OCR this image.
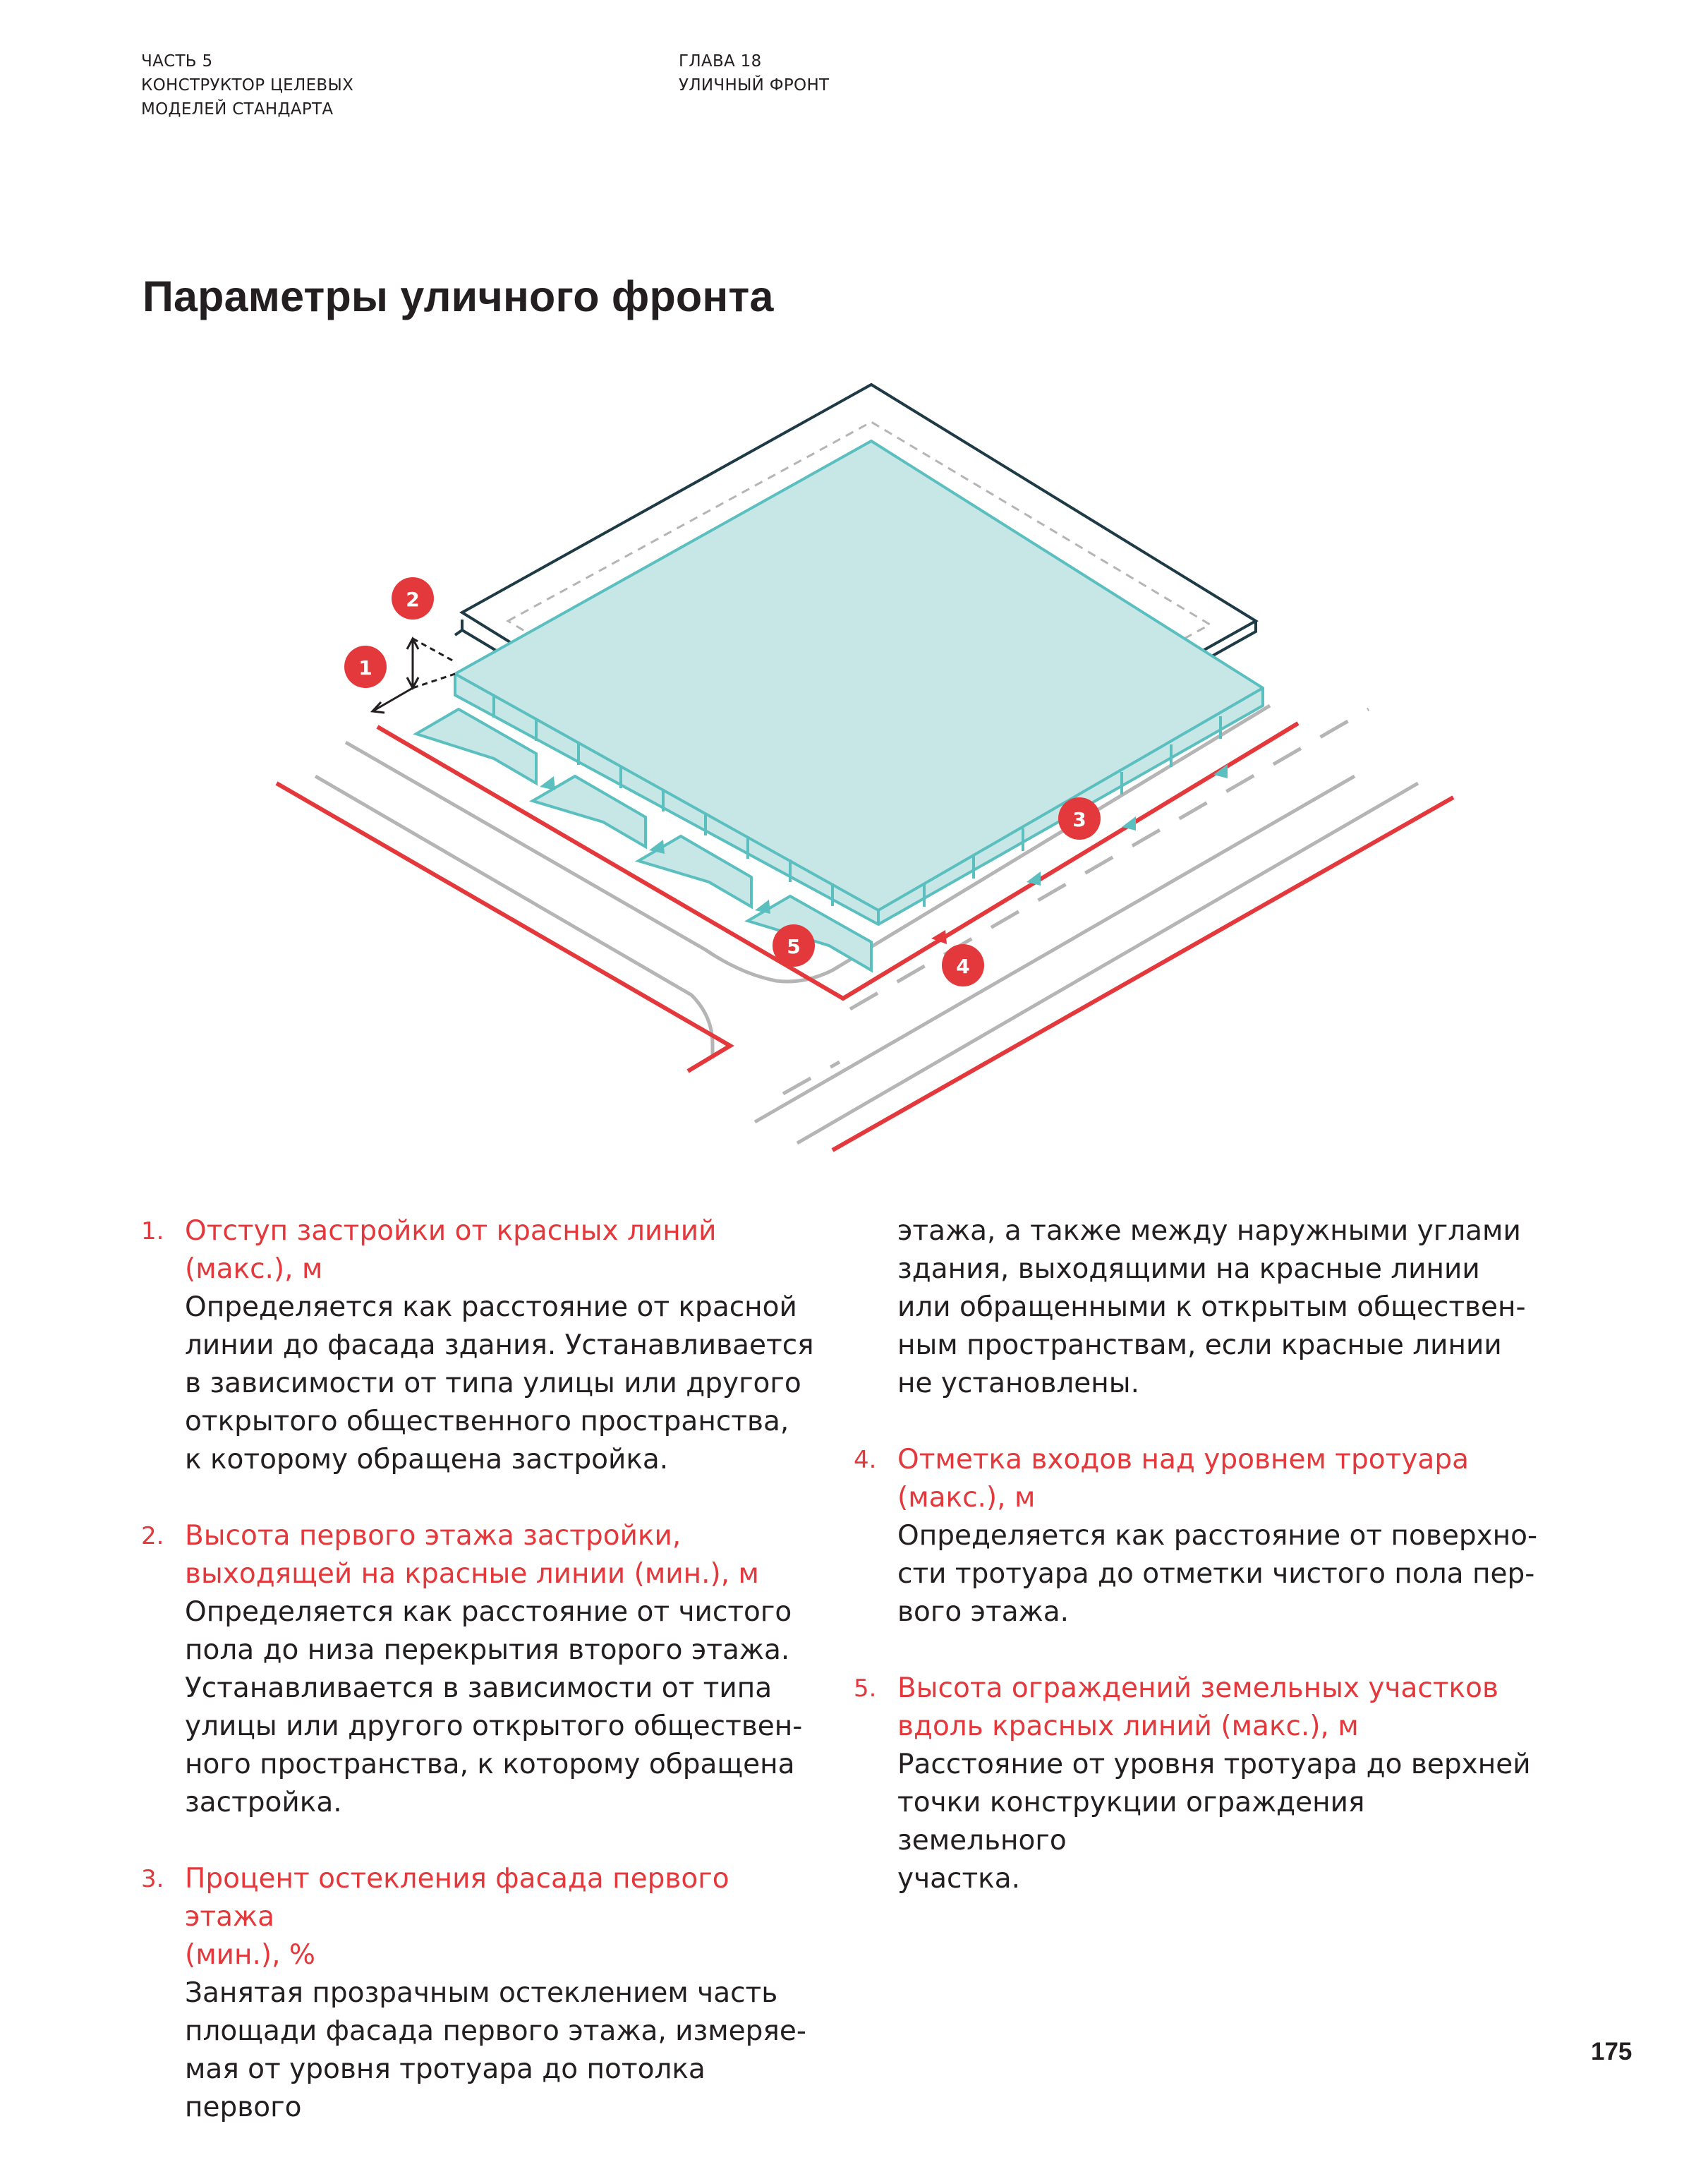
ЧАСТЬ 5
КОНСТРУКТОР ЦЕЛЕВЫХ
МОДЕЛЕЙ СТАНДАРТА
ГЛАВА 18
УЛИЧНЫЙ ФРОНТ
Параметры уличного фронта
1
2
3
4
5
1. Отступ застройки от красных линий (макс.), м

Определяется как расстояние от красной

линии до фасада здания. Устанавливается

в зависимости от типа улицы или другого

открытого общественного пространства,

к которому обращена застройка.

2. Высота первого этажа застройки,

выходящей на красные линии (мин.), м

Определяется как расстояние от чистого

пола до низа перекрытия второго этажа.

Устанавливается в зависимости от типа

улицы или другого открытого обществен-

ного пространства, к которому обращена

застройка.

3. Процент остекления фасада первого этажа

(мин.), %

Занятая прозрачным остеклением часть

площади фасада первого этажа, измеряе-

мая от уровня тротуара до потолка первого

этажа, а также между наружными углами

здания, выходящими на красные линии

или обращенными к открытым обществен-

ным пространствам, если красные линии

не установлены.

4. Отметка входов над уровнем тротуара

(макс.), м

Определяется как расстояние от поверхно-

сти тротуара до отметки чистого пола пер-

вого этажа.

5. Высота ограждений земельных участков

вдоль красных линий (макс.), м

Расстояние от уровня тротуара до верхней

точки конструкции ограждения земельного

участка.

175
